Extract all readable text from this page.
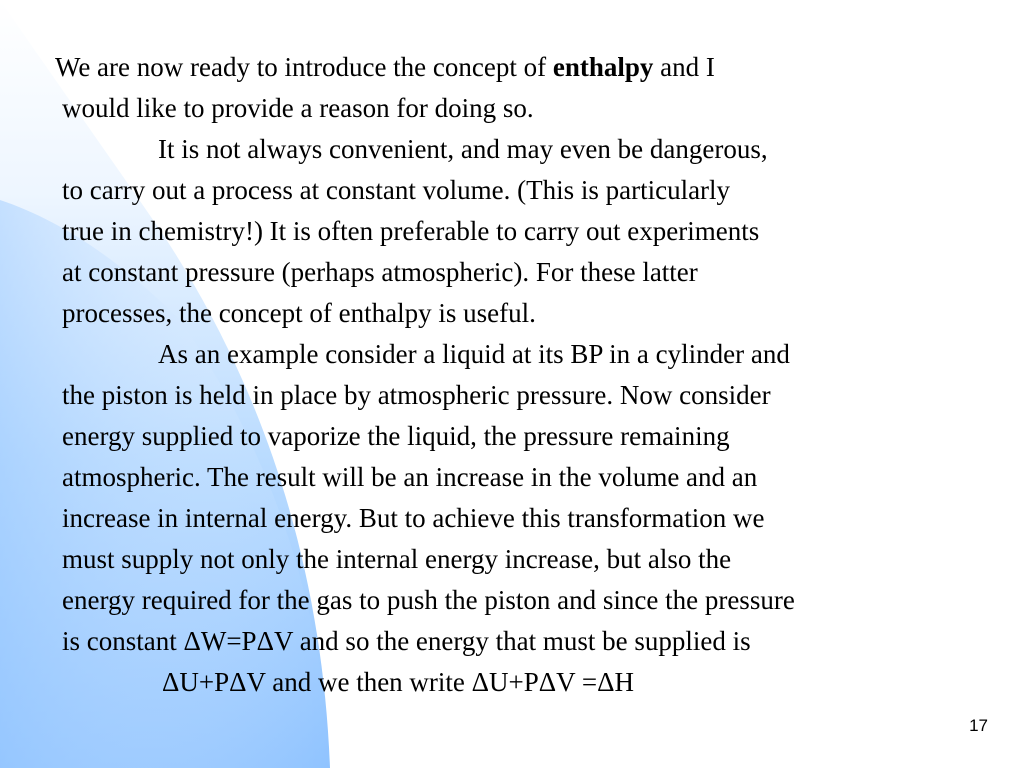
We are now ready to introduce the concept of enthalpy and I
would like to provide a reason for doing so.
It is not always convenient, and may even be dangerous,
to carry out a process at constant volume. (This is particularly
true in chemistry!) It is often preferable to carry out experiments
at constant pressure (perhaps atmospheric). For these latter
processes, the concept of enthalpy is useful.
As an example consider a liquid at its BP in a cylinder and
the piston is held in place by atmospheric pressure. Now consider
energy supplied to vaporize the liquid, the pressure remaining
atmospheric. The result will be an increase in the volume and an
increase in internal energy. But to achieve this transformation we
must supply not only the internal energy increase, but also the
energy required for the gas to push the piston and since the pressure
is constant ΔW=PΔV and so the energy that must be supplied is
ΔU+PΔV and we then write ΔU+PΔV =ΔH
17
